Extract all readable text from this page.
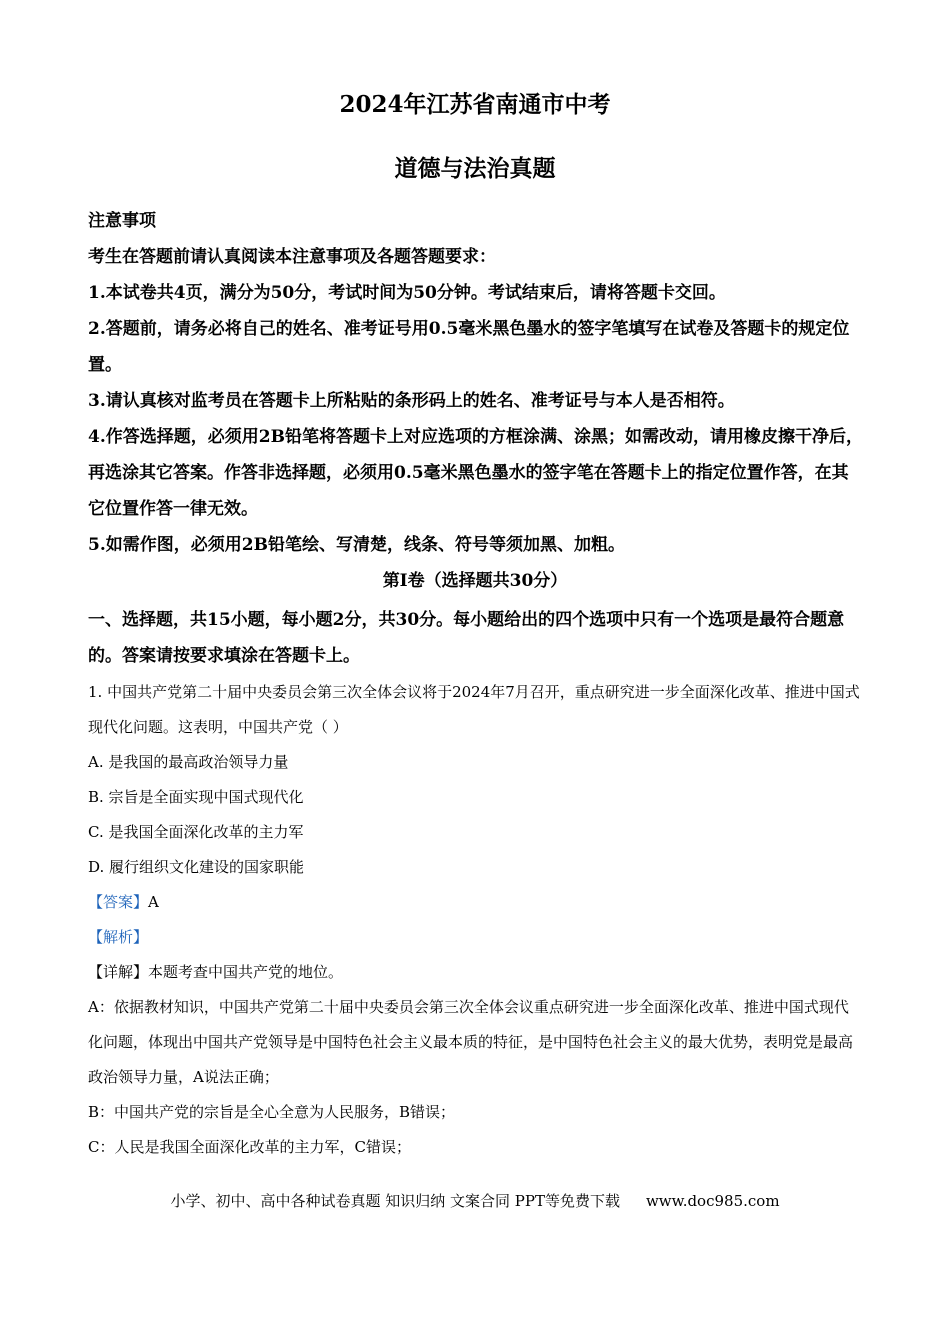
2024年江苏省南通市中考
道德与法治真题

注意事项

考生在答题前请认真阅读本注意事项及各题答题要求：

1.本试卷共4页，满分为50分，考试时间为50分钟。考试结束后，请将答题卡交回。

2.答题前，请务必将自己的姓名、准考证号用0.5毫米黑色墨水的签字笔填写在试卷及答题卡的规定位置。

3.请认真核对监考员在答题卡上所粘贴的条形码上的姓名、准考证号与本人是否相符。

4.作答选择题，必须用2B铅笔将答题卡上对应选项的方框涂满、涂黑；如需改动，请用橡皮擦干净后，再选涂其它答案。作答非选择题，必须用0.5毫米黑色墨水的签字笔在答题卡上的指定位置作答，在其它位置作答一律无效。

5.如需作图，必须用2B铅笔绘、写清楚，线条、符号等须加黑、加粗。

第Ⅰ卷（选择题共30分）

一、选择题，共15小题，每小题2分，共30分。每小题给出的四个选项中只有一个选项是最符合题意的。答案请按要求填涂在答题卡上。

1. 中国共产党第二十届中央委员会第三次全体会议将于2024年7月召开，重点研究进一步全面深化改革、推进中国式现代化问题。这表明，中国共产党（ ）

A. 是我国的最高政治领导力量

B. 宗旨是全面实现中国式现代化

C. 是我国全面深化改革的主力军

D. 履行组织文化建设的国家职能

【答案】A

【解析】

【详解】本题考查中国共产党的地位。

A：依据教材知识，中国共产党第二十届中央委员会第三次全体会议重点研究进一步全面深化改革、推进中国式现代化问题，体现出中国共产党领导是中国特色社会主义最本质的特征，是中国特色社会主义的最大优势，表明党是最高政治领导力量，A说法正确；

B：中国共产党的宗旨是全心全意为人民服务，B错误；

C：人民是我国全面深化改革的主力军，C错误；

小学、初中、高中各种试卷真题 知识归纳 文案合同 PPT等免费下载 www.doc985.com
